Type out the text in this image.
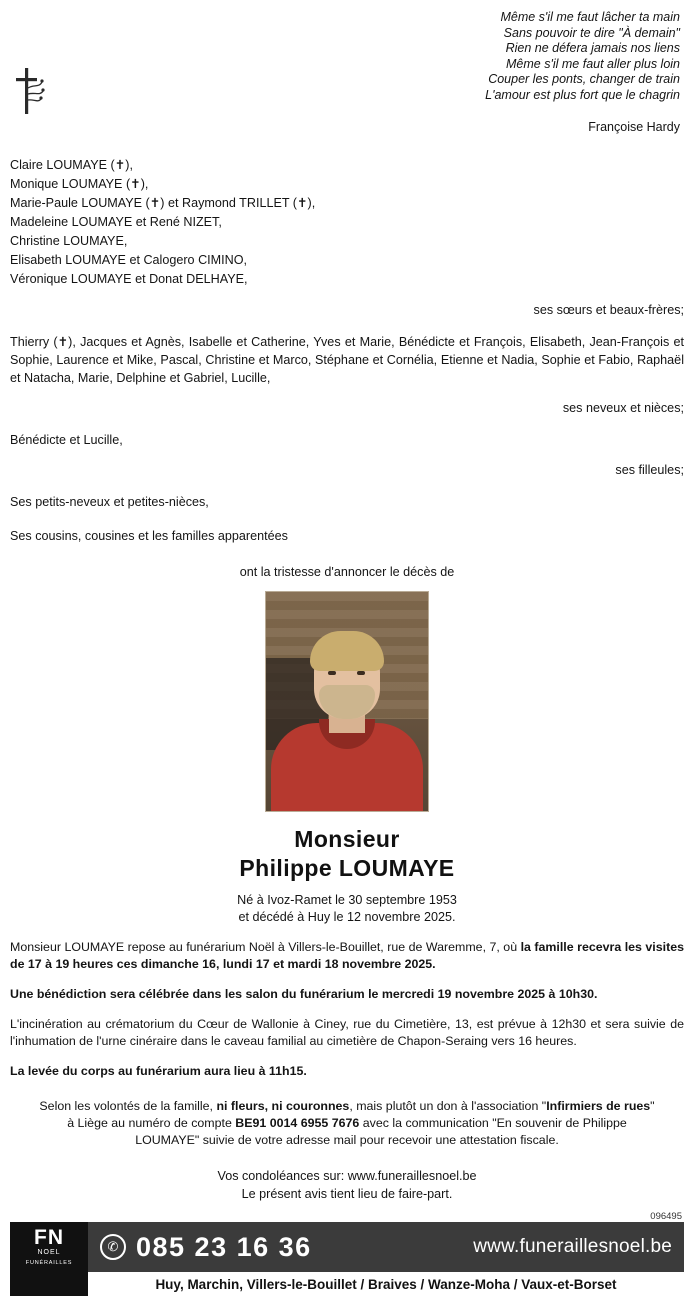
Même s'il me faut lâcher ta main
Sans pouvoir te dire "À demain"
Rien ne défera jamais nos liens
Même s'il me faut aller plus loin
Couper les ponts, changer de train
L'amour est plus fort que le chagrin
Françoise Hardy
Claire LOUMAYE (✝),
Monique LOUMAYE (✝),
Marie-Paule LOUMAYE (✝) et Raymond TRILLET (✝),
Madeleine LOUMAYE et René NIZET,
Christine LOUMAYE,
Elisabeth LOUMAYE et Calogero CIMINO,
Véronique LOUMAYE et Donat DELHAYE,
ses sœurs et beaux-frères;
Thierry (✝), Jacques et Agnès, Isabelle et Catherine, Yves et Marie, Bénédicte et François, Elisabeth, Jean-François et Sophie, Laurence et Mike, Pascal, Christine et Marco, Stéphane et Cornélia, Etienne et Nadia, Sophie et Fabio, Raphaël et Natacha, Marie, Delphine et Gabriel, Lucille,
ses neveux et nièces;
Bénédicte et Lucille,
ses filleules;
Ses petits-neveux et petites-nièces,
Ses cousins, cousines et les familles apparentées
ont la tristesse d'annoncer le décès de
Monsieur
Philippe LOUMAYE
Né à Ivoz-Ramet le 30 septembre 1953
et décédé à Huy le 12 novembre 2025.
Monsieur LOUMAYE repose au funérarium Noël à Villers-le-Bouillet, rue de Waremme, 7, où la famille recevra les visites de 17 à 19 heures ces dimanche 16, lundi 17 et mardi 18 novembre 2025.
Une bénédiction sera célébrée dans les salon du funérarium le mercredi 19 novembre 2025 à 10h30.
L'incinération au crématorium du Cœur de Wallonie à Ciney, rue du Cimetière, 13, est prévue à 12h30 et sera suivie de l'inhumation de l'urne cinéraire dans le caveau familial au cimetière de Chapon-Seraing vers 16 heures.
La levée du corps au funérarium aura lieu à 11h15.
Selon les volontés de la famille, ni fleurs, ni couronnes, mais plutôt un don à l'association "Infirmiers de rues"
à Liège au numéro de compte BE91 0014 6955 7676 avec la communication "En souvenir de Philippe
LOUMAYE" suivie de votre adresse mail pour recevoir une attestation fiscale.
Vos condoléances sur: www.funeraillesnoel.be
Le présent avis tient lieu de faire-part.
096495
FN
NOEL
FUNÉRAILLES
✆ 085 23 16 36	www.funeraillesnoel.be
Huy, Marchin, Villers-le-Bouillet / Braives / Wanze-Moha / Vaux-et-Borset
